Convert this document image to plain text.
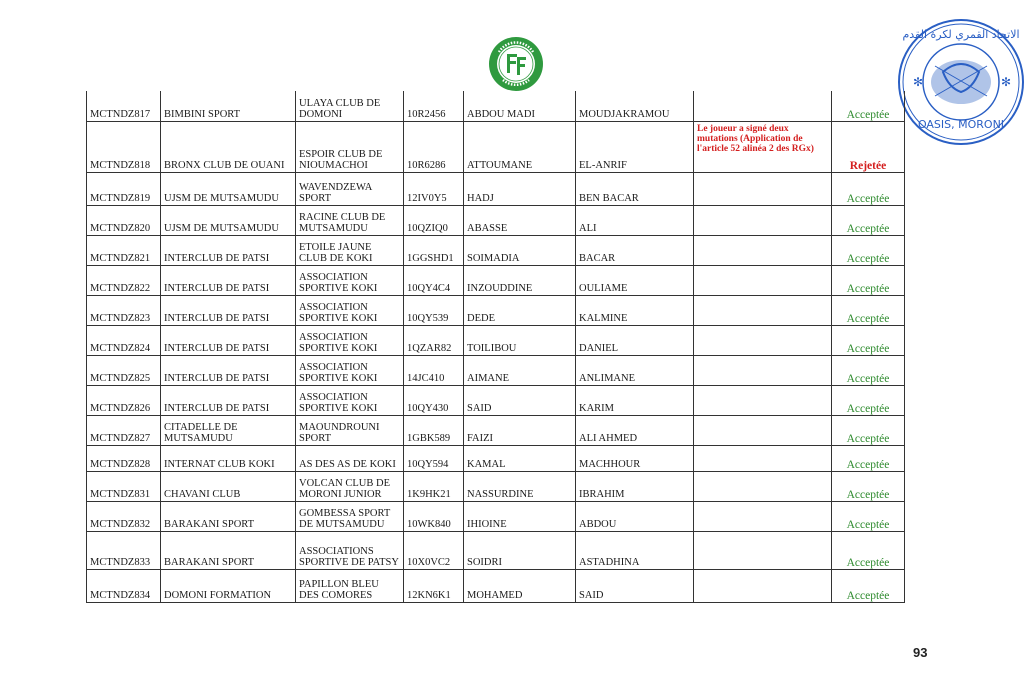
الاتحاد القمري لكرة القدم
OASIS, MORONI
✻	✻
MCTNDZ817	BIMBINI SPORT	ULAYA CLUB DE DOMONI	10R2456	ABDOU MADI	MOUDJAKRAMOU		Acceptée
MCTNDZ818	BRONX CLUB DE OUANI	ESPOIR CLUB DE NIOUMACHOI	10R6286	ATTOUMANE	EL-ANRIF	Le joueur a signé deux mutations (Application de l'article 52 alinéa 2 des RGx)	Rejetée
MCTNDZ819	UJSM DE MUTSAMUDU	WAVENDZEWA SPORT	12IV0Y5	HADJ	BEN BACAR		Acceptée
MCTNDZ820	UJSM DE MUTSAMUDU	RACINE CLUB DE MUTSAMUDU	10QZIQ0	ABASSE	ALI		Acceptée
MCTNDZ821	INTERCLUB DE PATSI	ETOILE JAUNE CLUB DE KOKI	1GGSHD1	SOIMADIA	BACAR		Acceptée
MCTNDZ822	INTERCLUB DE PATSI	ASSOCIATION SPORTIVE KOKI	10QY4C4	INZOUDDINE	OULIAME		Acceptée
MCTNDZ823	INTERCLUB DE PATSI	ASSOCIATION SPORTIVE KOKI	10QY539	DEDE	KALMINE		Acceptée
MCTNDZ824	INTERCLUB DE PATSI	ASSOCIATION SPORTIVE KOKI	1QZAR82	TOILIBOU	DANIEL		Acceptée
MCTNDZ825	INTERCLUB DE PATSI	ASSOCIATION SPORTIVE KOKI	14JC410	AIMANE	ANLIMANE		Acceptée
MCTNDZ826	INTERCLUB DE PATSI	ASSOCIATION SPORTIVE KOKI	10QY430	SAID	KARIM		Acceptée
MCTNDZ827	CITADELLE DE MUTSAMUDU	MAOUNDROUNI SPORT	1GBK589	FAIZI	ALI AHMED		Acceptée
MCTNDZ828	INTERNAT CLUB KOKI	AS DES AS DE KOKI	10QY594	KAMAL	MACHHOUR		Acceptée
MCTNDZ831	CHAVANI CLUB	VOLCAN CLUB DE MORONI JUNIOR	1K9HK21	NASSURDINE	IBRAHIM		Acceptée
MCTNDZ832	BARAKANI SPORT	GOMBESSA SPORT DE MUTSAMUDU	10WK840	IHIOINE	ABDOU		Acceptée
MCTNDZ833	BARAKANI SPORT	ASSOCIATIONS SPORTIVE DE PATSY	10X0VC2	SOIDRI	ASTADHINA		Acceptée
MCTNDZ834	DOMONI FORMATION	PAPILLON BLEU DES COMORES	12KN6K1	MOHAMED	SAID		Acceptée
93
